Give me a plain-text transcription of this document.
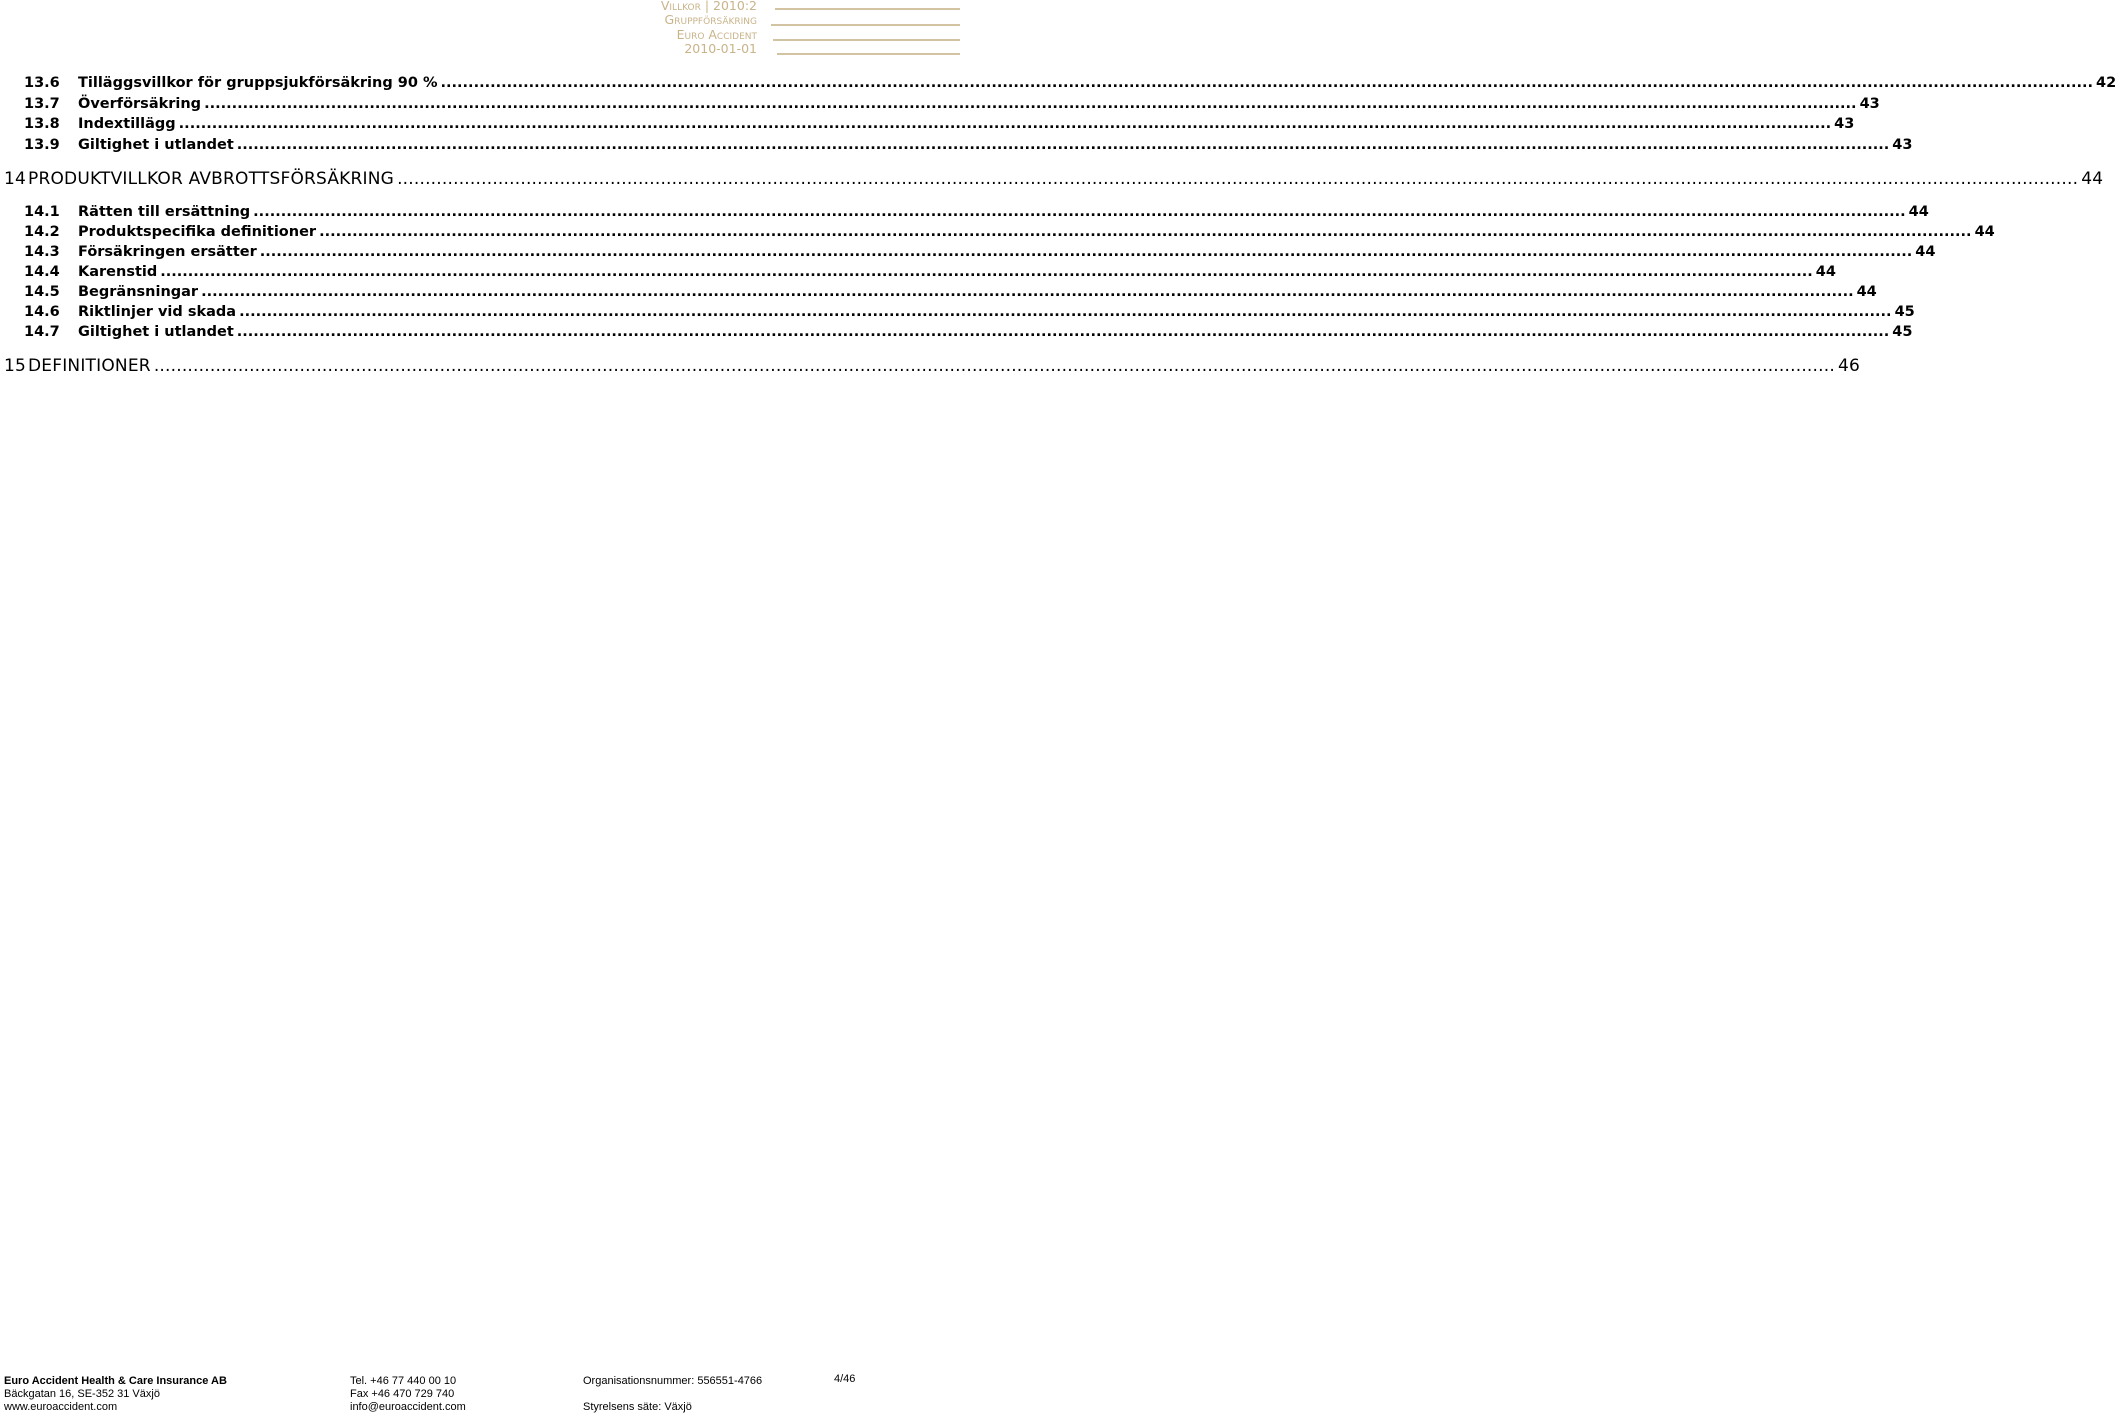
Villkor | 2010:2
Gruppförsäkring
Euro Accident
2010-01-01
13.6	Tilläggsvillkor för gruppsjukförsäkring 90 % ............................................................................................................................................................................................................................................................................................................ 42
13.7	Överförsäkring ............................................................................................................................................................................................................................................................................................................ 43
13.8	Indextillägg ............................................................................................................................................................................................................................................................................................................ 43
13.9	Giltighet i utlandet ............................................................................................................................................................................................................................................................................................................ 43
14 PRODUKTVILLKOR AVBROTTSFÖRSÄKRING ............................................................................................................................................................................................................................................................................................................ 44
14.1	Rätten till ersättning ............................................................................................................................................................................................................................................................................................................ 44
14.2	Produktspecifika definitioner ............................................................................................................................................................................................................................................................................................................ 44
14.3	Försäkringen ersätter ............................................................................................................................................................................................................................................................................................................ 44
14.4	Karenstid ............................................................................................................................................................................................................................................................................................................ 44
14.5	Begränsningar ............................................................................................................................................................................................................................................................................................................ 44
14.6	Riktlinjer vid skada ............................................................................................................................................................................................................................................................................................................ 45
14.7	Giltighet i utlandet ............................................................................................................................................................................................................................................................................................................ 45
15 DEFINITIONER ............................................................................................................................................................................................................................................................................................................ 46
Euro Accident Health & Care Insurance AB
Bäckgatan 16, SE-352 31 Växjö
www.euroaccident.com
Tel. +46 77 440 00 10
Fax +46 470 729 740
info@euroaccident.com
Organisationsnummer: 556551-4766
Styrelsens säte: Växjö
4/46
